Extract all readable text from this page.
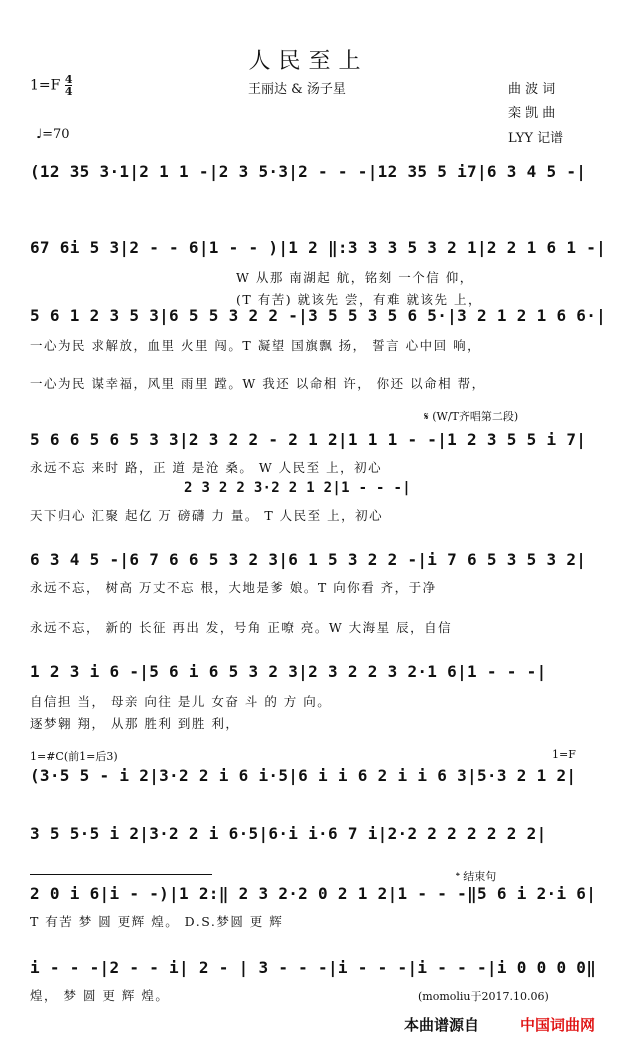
人民至上
$1=F \frac{4}{4}$	王丽达 & 汤子星	曲 波 词
栾 凯 曲
♩=70	LYY 记谱
(12 35 3·1|2 1 1 -|2 3 5·3|2 - - -|12 35 5 i7|6 3 4 5 -|
67 6i 5 3|2 - - 6|1 - - )|1 2 ‖:3 3 3 5 3 2 1|2 2 1 6 1 -|
W 从那 南湖起 航，铭刻 一个信 仰，
(T 有苦) 就该先 尝，有难 就该先 上，
5 6 1 2 3 5 3|6 5 5 3 2 2 -|3 5 5 3 5 6 5·|3 2 1 2 1 6 6·|
一心为民 求解放，血里 火里 闯。T 凝望 国旗飘 扬， 誓言 心中回 响，
一心为民 谋幸福，风里 雨里 蹚。W 我还 以命相 许， 你还 以命相 帮，
𝄋 (W/T齐唱第二段)
5 6 6 5 6 5 3 3|2 3 2 2 - 2 1 2|1 1 1 - -|1 2 3 5 5 i 7|
永远不忘 来时 路，正 道 是沧 桑。 W 人民至 上，初心
2 3 2 2 3·2 2 1 2|1 - - -|
天下归心 汇聚 起亿 万 磅礴 力 量。 T 人民至 上，初心
6 3 4 5 -|6 7 6 6 5 3 2 3|6 1 5 3 2 2 -|i 7 6 5 3 5 3 2|
永远不忘， 树高 万丈不忘 根，大地是爹 娘。T 向你看 齐，于净
永远不忘， 新的 长征 再出 发，号角 正嘹 亮。W 大海星 辰，自信
1 2 3 i 6 -|5 6 i 6 5 3 2 3|2 3 2 2 3 2·1 6|1 - - -|
自信担 当， 母亲 向往 是儿 女奋 斗 的 方 向。
逐梦翱 翔， 从那 胜利 到胜 利，
1=#C(前1=后3)	1=F
(3·5 5 - i 2|3·2 2 i 6 i·5|6 i i 6 2 i i 6 3|5·3 2 1 2|
3 5 5·5 i 2|3·2 2 i 6·5|6·i i·6 7 i|2·2 2 2 2 2 2 2|
𝄌 结束句
2 0 i 6|i - -)|1 2:‖ 2 3 2·2 0 2 1 2|1 - - -‖5 6 i 2·i 6|
T 有苦 梦 圆 更辉 煌。 D.S.梦圆 更 辉
i - - -|2 - - i| 2 - | 3 - - -|i - - -|i - - -|i 0 0 0 0‖
煌， 梦 圆 更 辉 煌。	(momoliu于2017.10.06)
本曲谱源自	中国词曲网
